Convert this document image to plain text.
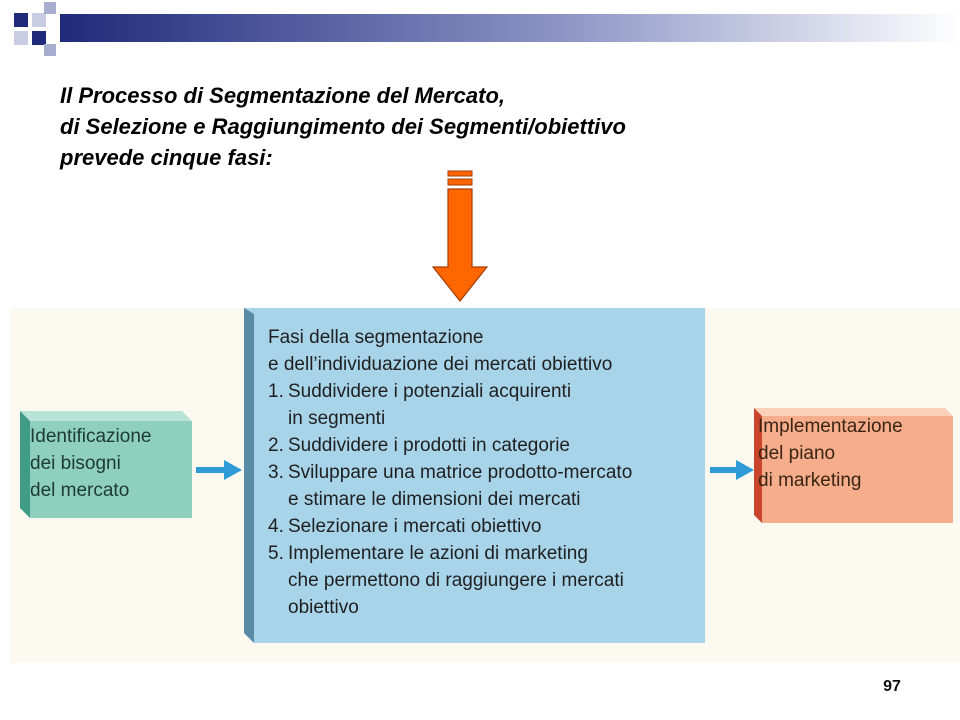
Il Processo di Segmentazione del Mercato,
di Selezione e Raggiungimento dei Segmenti/obiettivo
prevede cinque fasi:
Identificazione
dei bisogni
del mercato
Fasi della segmentazione
e dell’individuazione dei mercati obiettivo
1. Suddividere i potenziali acquirenti
in segmenti
2. Suddividere i prodotti in categorie
3. Sviluppare una matrice prodotto-mercato
e stimare le dimensioni dei mercati
4. Selezionare i mercati obiettivo
5. Implementare le azioni di marketing
che permettono di raggiungere i mercati
obiettivo
Implementazione
del piano
di marketing
97
